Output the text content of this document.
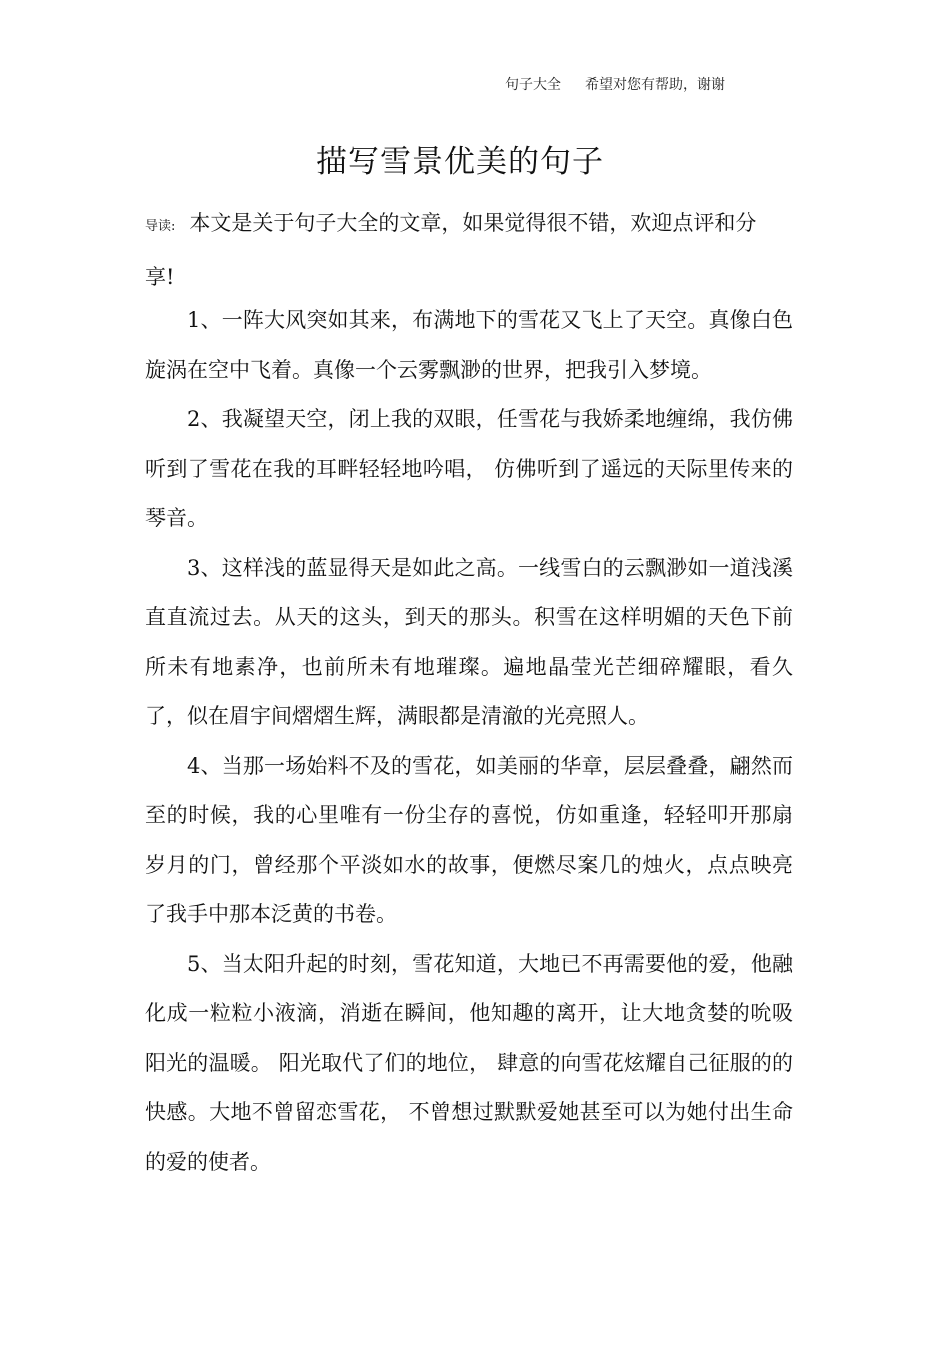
句子大全 希望对您有帮助，谢谢
描写雪景优美的句子
导读: 本文是关于句子大全的文章，如果觉得很不错，欢迎点评和分享!

1、一阵大风突如其来，布满地下的雪花又飞上了天空。真像白色旋涡在空中飞着。真像一个云雾飘渺的世界，把我引入梦境。

2、我凝望天空，闭上我的双眼，任雪花与我娇柔地缠绵，我仿佛听到了雪花在我的耳畔轻轻地吟唱， 仿佛听到了遥远的天际里传来的琴音。

3、这样浅的蓝显得天是如此之高。一线雪白的云飘渺如一道浅溪直直流过去。从天的这头，到天的那头。积雪在这样明媚的天色下前所未有地素净，也前所未有地璀璨。遍地晶莹光芒细碎耀眼，看久了，似在眉宇间熠熠生辉，满眼都是清澈的光亮照人。

4、当那一场始料不及的雪花，如美丽的华章，层层叠叠，翩然而至的时候，我的心里唯有一份尘存的喜悦，仿如重逢，轻轻叩开那扇岁月的门，曾经那个平淡如水的故事，便燃尽案几的烛火，点点映亮了我手中那本泛黄的书卷。

5、当太阳升起的时刻，雪花知道，大地已不再需要他的爱，他融化成一粒粒小液滴，消逝在瞬间，他知趣的离开，让大地贪婪的吮吸阳光的温暖。 阳光取代了们的地位， 肆意的向雪花炫耀自己征服的的快感。大地不曾留恋雪花， 不曾想过默默爱她甚至可以为她付出生命的爱的使者。
